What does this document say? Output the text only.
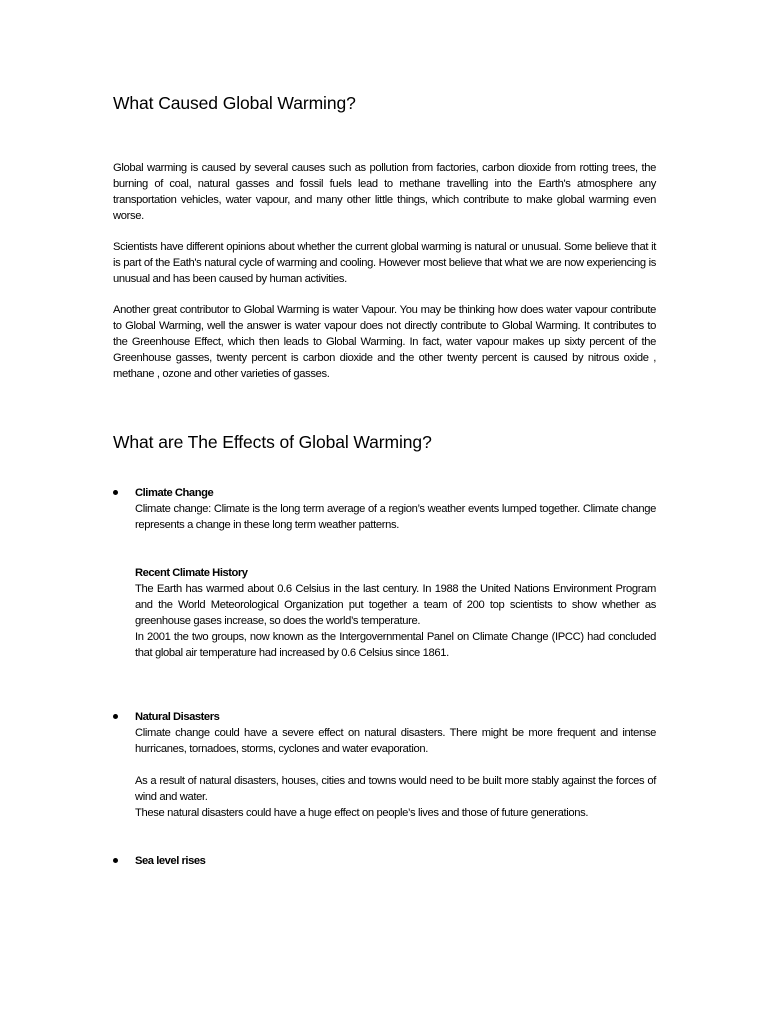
What Caused Global Warming?

Global warming is caused by several causes such as pollution from factories, carbon dioxide from rotting trees, the burning of coal, natural gasses and fossil fuels lead to methane travelling into the Earth's atmosphere any transportation vehicles, water vapour, and many other little things, which contribute to make global warming even worse.

Scientists have different opinions about whether the current global warming is natural or unusual. Some believe that it is part of the Eath's natural cycle of warming and cooling. However most believe that what we are now experiencing is unusual and has been caused by human activities.

Another great contributor to Global Warming is water Vapour. You may be thinking how does water vapour contribute to Global Warming, well the answer is water vapour does not directly contribute to Global Warming. It contributes to the Greenhouse Effect, which then leads to Global Warming. In fact, water vapour makes up sixty percent of the Greenhouse gasses, twenty percent is carbon dioxide and the other twenty percent is caused by nitrous oxide , methane , ozone and other varieties of gasses.

What are The Effects of Global Warming?

Climate Change

Climate change: Climate is the long term average of a region’s weather events lumped together. Climate change represents a change in these long term weather patterns.

Recent Climate History

The Earth has warmed about 0.6 Celsius in the last century. In 1988 the United Nations Environment Program and the World Meteorological Organization put together a team of 200 top scientists to show whether as greenhouse gases increase, so does the world’s temperature.

In 2001 the two groups, now known as the Intergovernmental Panel on Climate Change (IPCC) had concluded that global air temperature had increased by 0.6 Celsius since 1861.

Natural Disasters

Climate change could have a severe effect on natural disasters. There might be more frequent and intense hurricanes, tornadoes, storms, cyclones and water evaporation.

As a result of natural disasters, houses, cities and towns would need to be built more stably against the forces of wind and water.

These natural disasters could have a huge effect on people’s lives and those of future generations.

Sea level rises
